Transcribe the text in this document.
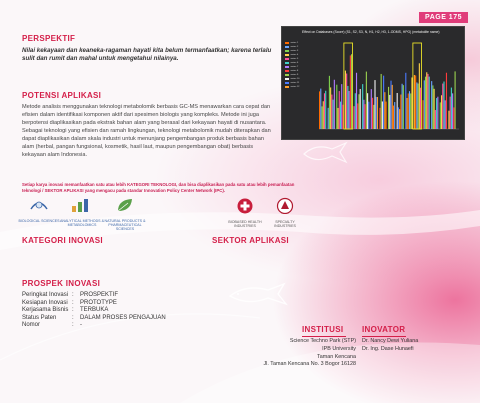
PAGE 175
PERSPEKTIF
Nilai kekayaan dan keaneka-ragaman hayati kita belum termanfaatkan; karena terlalu sulit dan rumit dan mahal untuk mengetahui nilainya.
POTENSI APLIKASI
Metode analisis menggunakan teknologi metabolomik berbasis GC-MS menawarkan cara cepat dan efisien dalam identifikasi komponen aktif dari spesimen biologis yang kompleks. Metode ini juga berpotensi diaplikasikan pada ekstrak bahan alam yang berasal dari kekayaan hayati di nusantara. Sebagai teknologi yang efisien dan ramah lingkungan, teknologi metabolomik mudah diterapkan dan dapat diaplikasikan dalam skala industri untuk menunjang pengembangan produk berbasis bahan alam (herbal, pangan fungsional, kosmetik, hasil laut, maupun pengembangan obat) berbasis kekayaan alam Indonesia.
Effect on Databases (Score) (S1, S2, S3, N, H1, H2, H3, 1-ODMS, HPG) (metabolite name)
series 1
series 2
series 3
series 4
series 5
series 6
series 7
series 8
series 9
series 10
series 11
series 12
Setiap karya inovasi memanfaatkan satu atau lebih KATEGORI TEKNOLOGI, dan bisa diaplikasikan pada satu atau lebih pemanfaatan teknologi / SEKTOR APLIKASI yang mengacu pada standar Innovation Policy Center Network (IPC).
BIOLOGICAL SCIENCES ANALYTICAL METHODS & METABOLOMICS
NATURAL PRODUCTS & PHARMACEUTICAL SCIENCES
BIOBASED HEALTH INDUSTRIES
SPECIALTY INDUSTRIES
KATEGORI INOVASI	SEKTOR APLIKASI
PROSPEK INOVASI
Peringkat Inovasi	:	PROSPEKTIF
Kesiapan Inovasi	:	PROTOTYPE
Kerjasama Bisnis	:	TERBUKA
Status Paten	:	DALAM PROSES PENGAJUAN
Nomor	:	-	INSTITUSI
Science Techno Park (STP)
IPB University
Taman Kencana
Jl. Taman Kencana No. 3 Bogor 16128
INOVATOR
Dr. Nancy Dewi Yuliana
Dr. Ing. Dase Hunaefi
